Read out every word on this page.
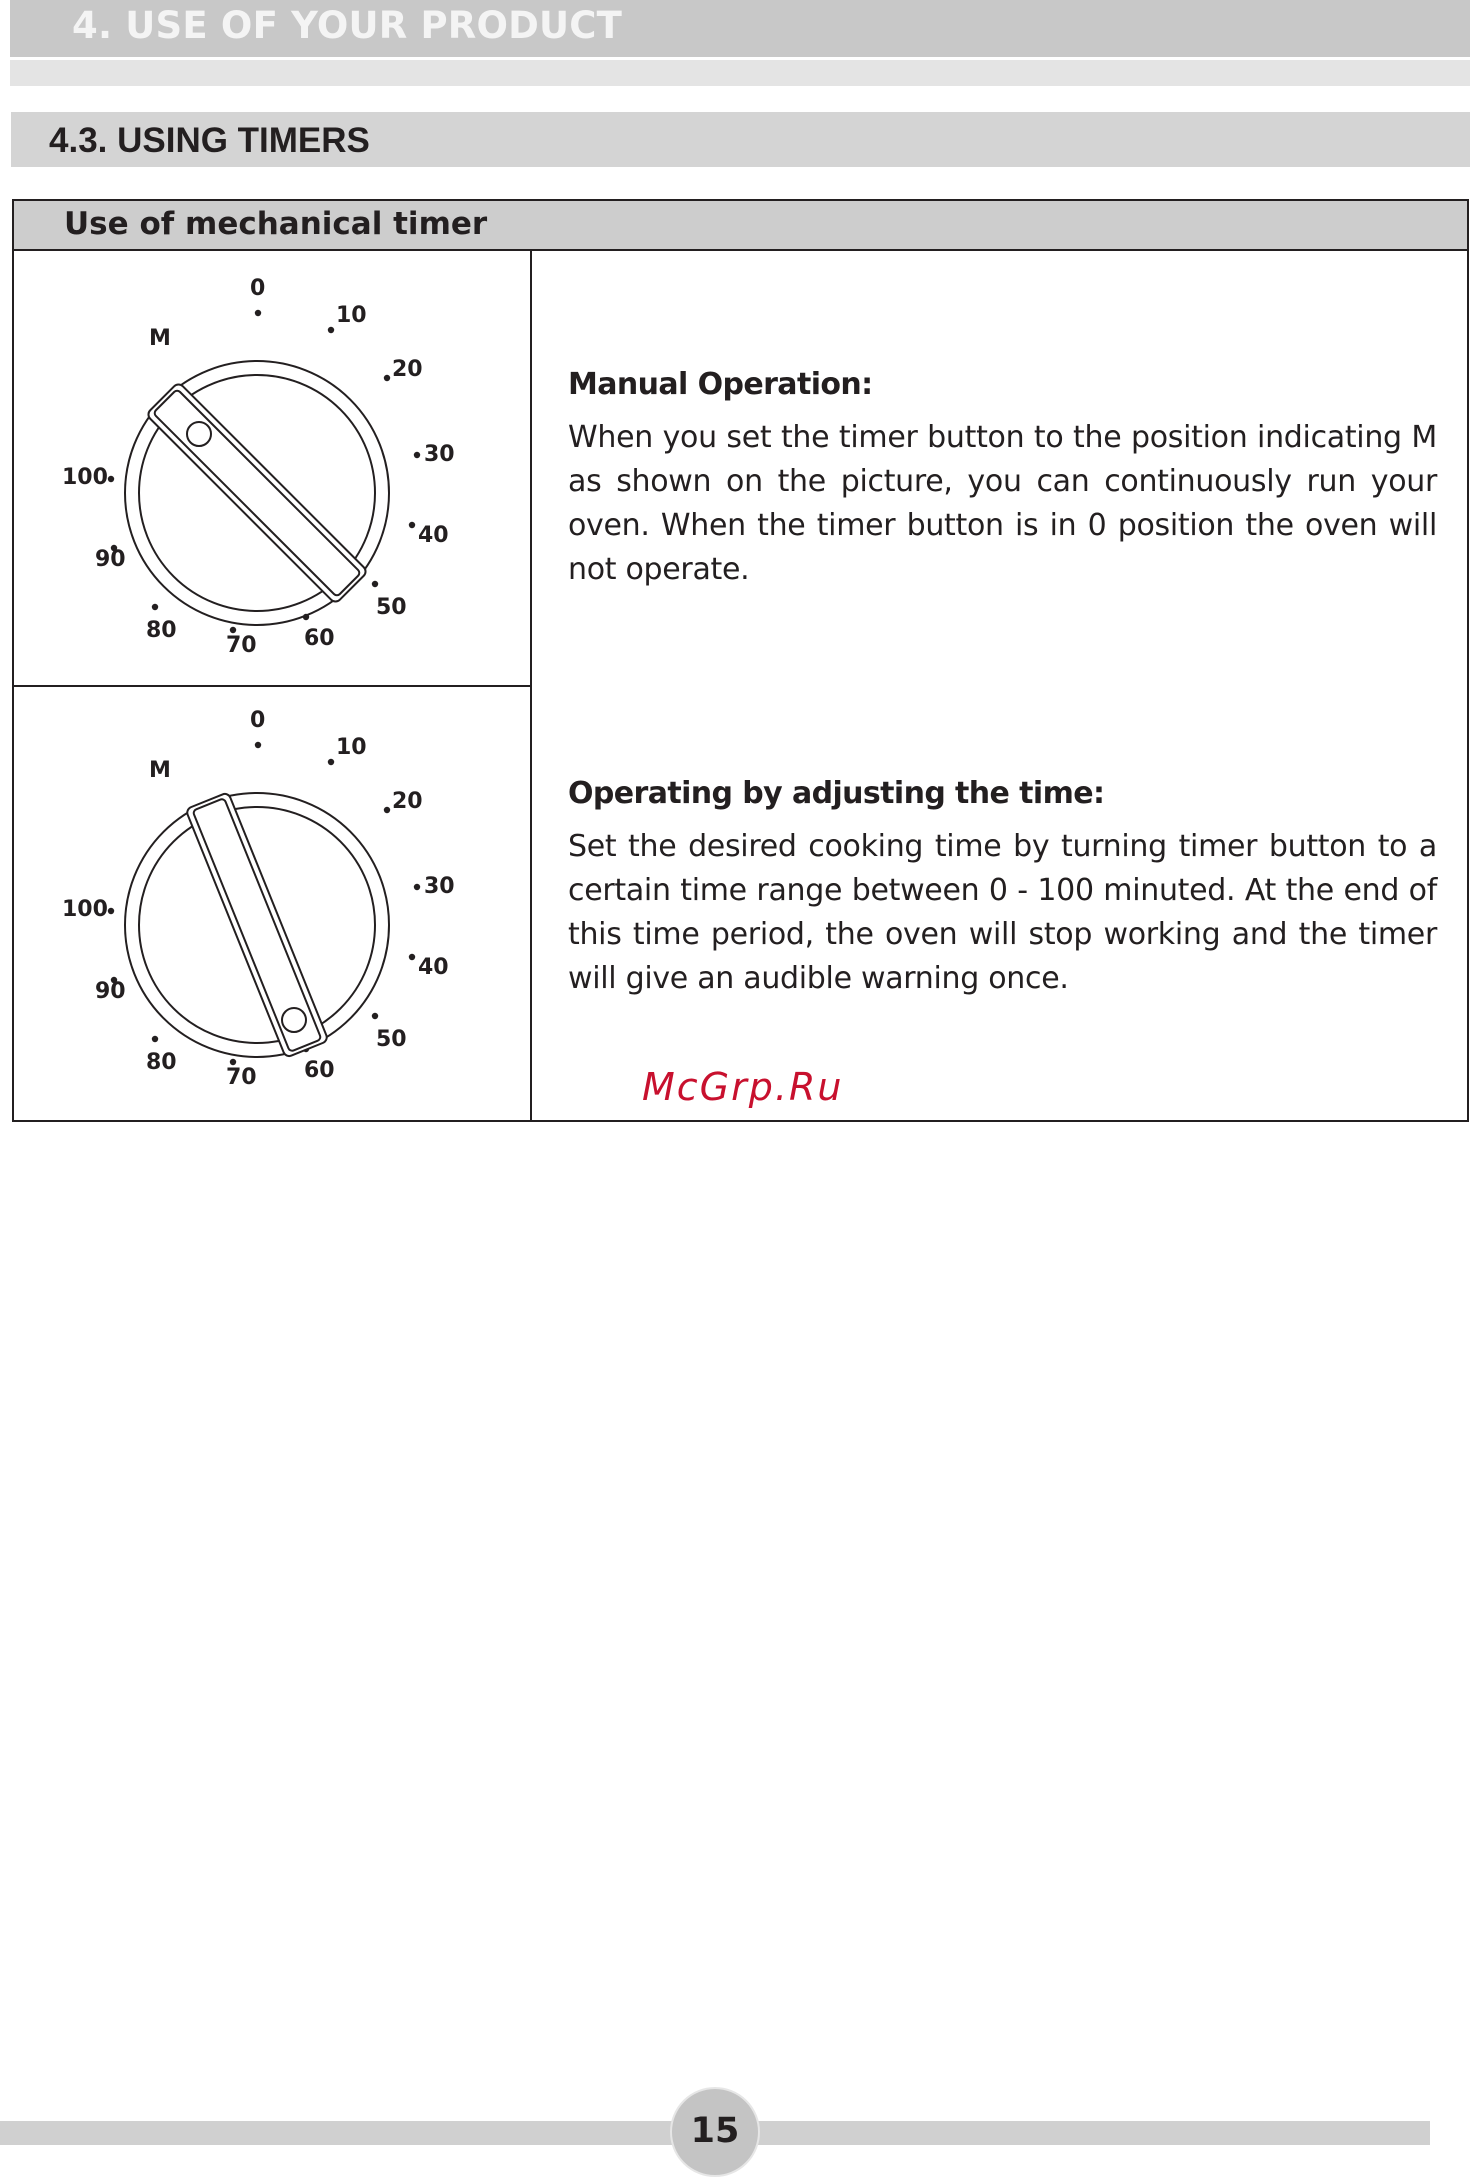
4. USE OF YOUR PRODUCT
4.3. USING TIMERS
Use of mechanical timer
0
10
20
30
40
50
60
70
80
90
100
M
0
10
20
30
40
50
60
70
80
90
100
M

Manual Operation:

When you set the timer button to the position indicating M as shown on the picture, you can continuously run your oven. When the timer button is in 0 position the oven will not operate.

Operating by adjusting the time:

Set the desired cooking time by turning timer button to a certain time range between 0 - 100 minuted. At the end of this time period, the oven will stop working and the timer will give an audible warning once.

McGrp.Ru
15
